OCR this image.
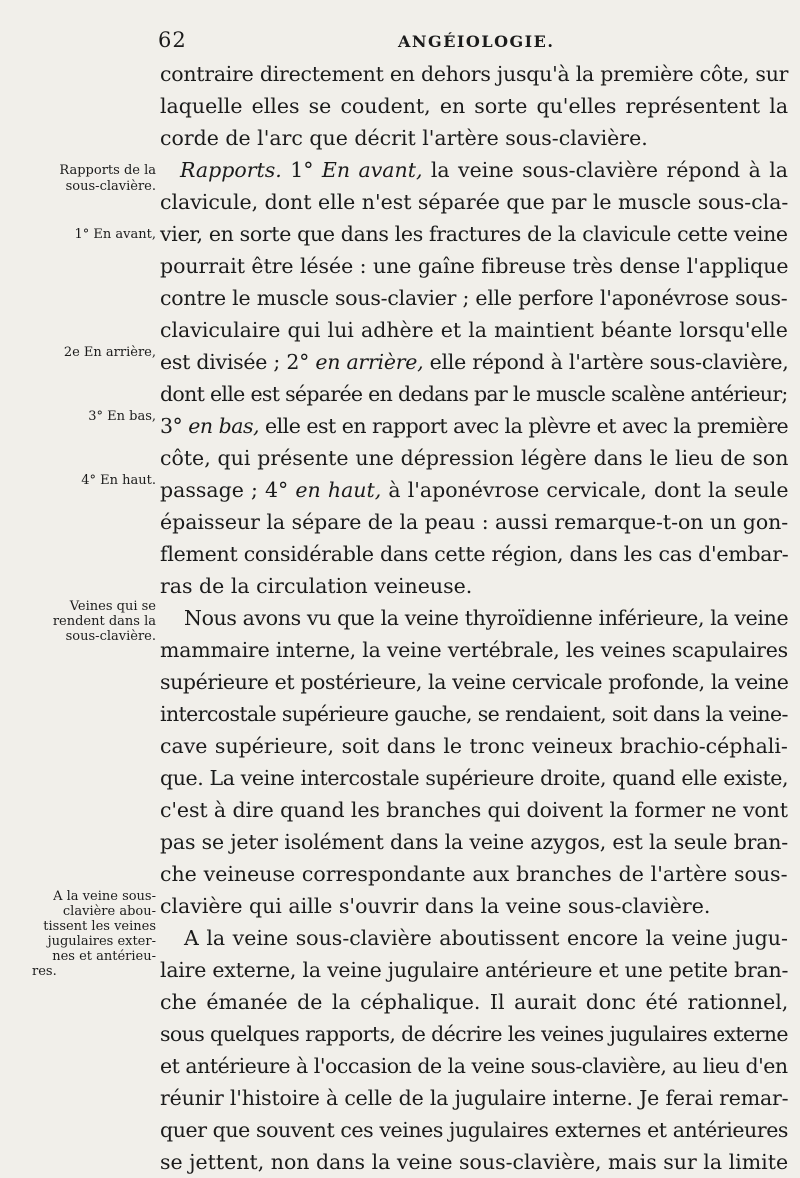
62	ANGÉIOLOGIE.
contraire directement en dehors jusqu'à la première côte, sur
laquelle elles se coudent, en sorte qu'elles représentent la
corde de l'arc que décrit l'artère sous-clavière.
Rapports. 1° En avant, la veine sous-clavière répond à la
clavicule, dont elle n'est séparée que par le muscle sous-cla-
vier, en sorte que dans les fractures de la clavicule cette veine
pourrait être lésée : une gaîne fibreuse très dense l'applique
contre le muscle sous-clavier ; elle perfore l'aponévrose sous-
claviculaire qui lui adhère et la maintient béante lorsqu'elle
est divisée ; 2° en arrière, elle répond à l'artère sous-clavière,
dont elle est séparée en dedans par le muscle scalène antérieur;
3° en bas, elle est en rapport avec la plèvre et avec la première
côte, qui présente une dépression légère dans le lieu de son
passage ; 4° en haut, à l'aponévrose cervicale, dont la seule
épaisseur la sépare de la peau : aussi remarque-t-on un gon-
flement considérable dans cette région, dans les cas d'embar-
ras de la circulation veineuse.
Nous avons vu que la veine thyroïdienne inférieure, la veine
mammaire interne, la veine vertébrale, les veines scapulaires
supérieure et postérieure, la veine cervicale profonde, la veine
intercostale supérieure gauche, se rendaient, soit dans la veine-
cave supérieure, soit dans le tronc veineux brachio-céphali-
que. La veine intercostale supérieure droite, quand elle existe,
c'est à dire quand les branches qui doivent la former ne vont
pas se jeter isolément dans la veine azygos, est la seule bran-
che veineuse correspondante aux branches de l'artère sous-
clavière qui aille s'ouvrir dans la veine sous-clavière.
A la veine sous-clavière aboutissent encore la veine jugu-
laire externe, la veine jugulaire antérieure et une petite bran-
che émanée de la céphalique. Il aurait donc été rationnel,
sous quelques rapports, de décrire les veines jugulaires externe
et antérieure à l'occasion de la veine sous-clavière, au lieu d'en
réunir l'histoire à celle de la jugulaire interne. Je ferai remar-
quer que souvent ces veines jugulaires externes et antérieures
se jettent, non dans la veine sous-clavière, mais sur la limite
Rapports de la
sous-clavière.
1° En avant,
2e En arrière,
3° En bas,
4° En haut.
Veines qui se
rendent dans la
sous-clavière.
A la veine sous-
clavière abou-
tissent les veines
jugulaires exter-
nes et antérieu-
res.
